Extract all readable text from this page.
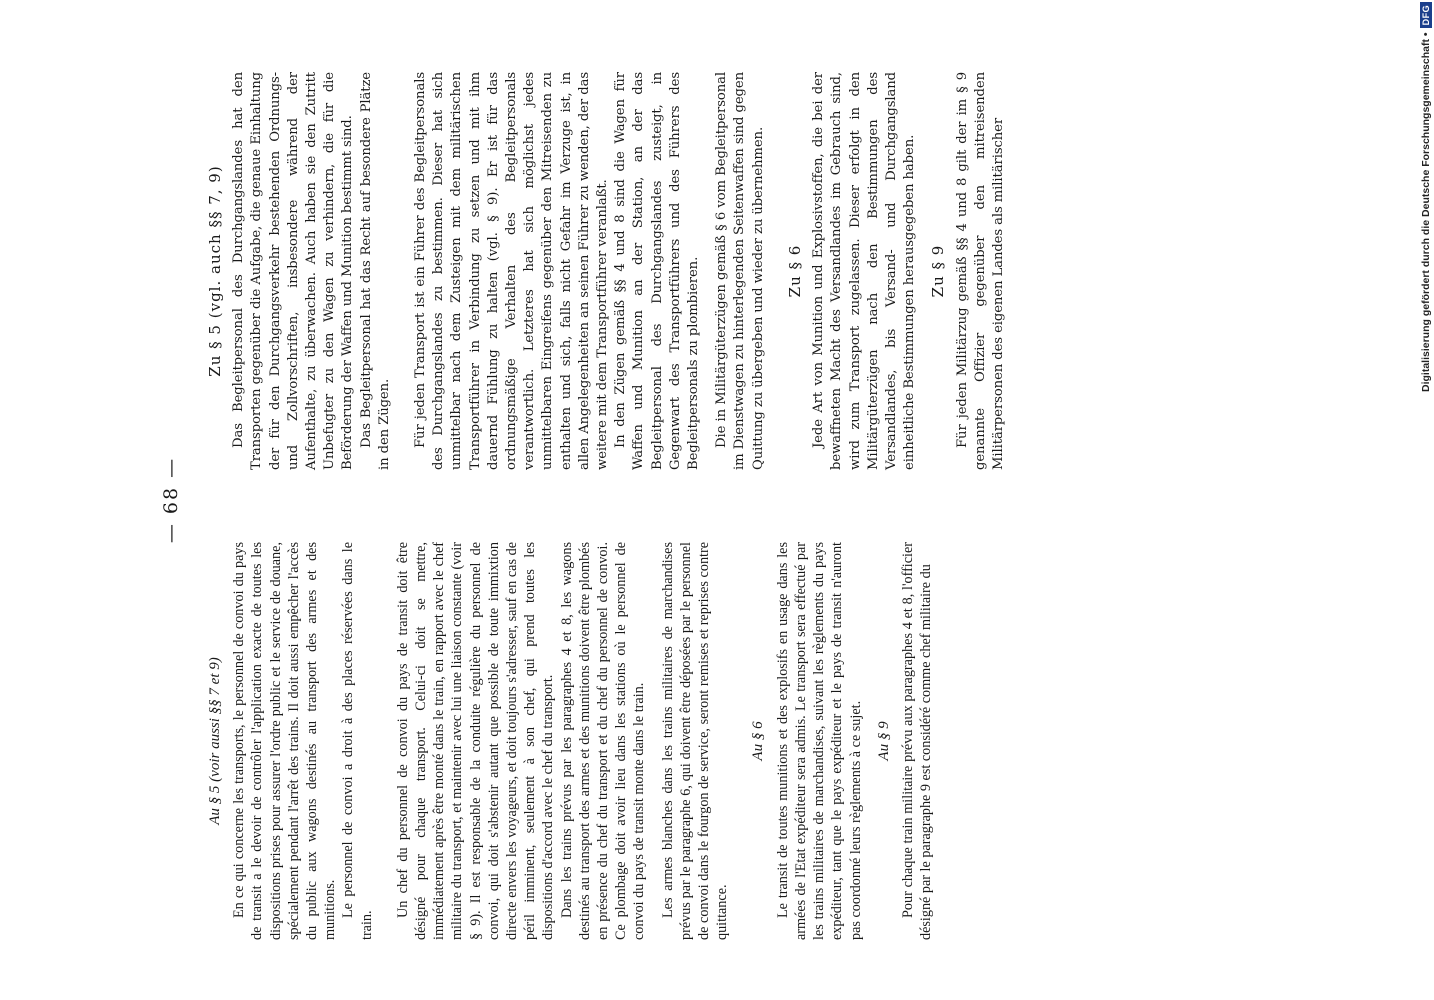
— 68 —
Au § 5 (voir aussi §§ 7 et 9) En ce qui concerne les transports, le personnel de convoi du pays de transit a le devoir de contrôler l'application exacte de toutes les dispositions prises pour assurer l'ordre public et le service de douane, spécialement pendant l'arrêt des trains. Il doit aussi empêcher l'accès du public aux wagons destinés au transport des armes et des munitions. Le personnel de convoi a droit à des places réservées dans le train.

Un chef du personnel de convoi du pays de transit doit être désigné pour chaque transport. Celui-ci doit se mettre, immédiatement après être monté dans le train, en rapport avec le chef militaire du transport, et maintenir avec lui une liaison constante (voir § 9). Il est responsable de la conduite régulière du personnel de convoi, qui doit s'abstenir autant que possible de toute immixtion directe envers les voyageurs, et doit toujours s'adresser, sauf en cas de péril imminent, seulement à son chef, qui prend toutes les dispositions d'accord avec le chef du transport. Dans les trains prévus par les paragraphes 4 et 8, les wagons destinés au transport des armes et des munitions doivent être plombés en présence du chef du transport et du chef du personnel de convoi. Ce plombage doit avoir lieu dans les stations où le personnel de convoi du pays de transit monte dans le train. Les armes blanches dans les trains militaires de marchandises prévus par le paragraphe 6, qui doivent être déposées par le personnel de convoi dans le fourgon de service, seront remises et reprises contre quittance.

Au § 6 Le transit de toutes munitions et des explosifs en usage dans les armées de l'Etat expéditeur sera admis. Le transport sera effectué par les trains militaires de marchandises, suivant les règlements du pays expéditeur, tant que le pays expéditeur et le pays de transit n'auront pas coordonné leurs règlements à ce sujet. Au § 9 Pour chaque train militaire prévu aux paragraphes 4 et 8, l'officier désigné par le paragraphe 9 est considéré comme chef militaire du

Zu § 5 (vgl. auch §§ 7, 9) Das Begleitpersonal des Durchgangslandes hat den Transporten gegenüber die Aufgabe, die genaue Einhaltung der für den Durchgangsverkehr bestehenden Ordnungs- und Zollvorschriften, insbesondere während der Aufenthalte, zu überwachen. Auch haben sie den Zutritt Unbefugter zu den Wagen zu verhindern, die für die Beförderung der Waffen und Munition bestimmt sind. Das Begleitpersonal hat das Recht auf besondere Plätze in den Zügen. Für jeden Transport ist ein Führer des Begleitpersonals des Durchgangslandes zu bestimmen. Dieser hat sich unmittelbar nach dem Zusteigen mit dem militärischen Transportführer in Verbindung zu setzen und mit ihm dauernd Fühlung zu halten (vgl. § 9). Er ist für das ordnungsmäßige Verhalten des Begleitpersonals verantwortlich. Letzteres hat sich möglichst jedes unmittelbaren Eingreifens gegenüber den Mitreisenden zu enthalten und sich, falls nicht Gefahr im Verzuge ist, in allen Angelegenheiten an seinen Führer zu wenden, der das weitere mit dem Transportführer veranlaßt. In den Zügen gemäß §§ 4 und 8 sind die Wagen für Waffen und Munition an der Station, an der das Begleitpersonal des Durchgangslandes zusteigt, in Gegenwart des Transportführers und des Führers des Begleitpersonals zu plombieren. Die in Militärgüterzügen gemäß § 6 vom Begleitpersonal im Dienstwagen zu hinterlegenden Seitenwaffen sind gegen Quittung zu übergeben und wieder zu übernehmen. Zu § 6 Jede Art von Munition und Explosivstoffen, die bei der bewaffneten Macht des Versandlandes im Gebrauch sind, wird zum Transport zugelassen. Dieser erfolgt in den Militärgüterzügen nach den Bestimmungen des Versandlandes, bis Versand- und Durchgangsland einheitliche Bestimmungen herausgegeben haben. Zu § 9 Für jeden Militärzug gemäß §§ 4 und 8 gilt der im § 9 genannte Offizier gegenüber den mitreisenden Militärpersonen des eigenen Landes als militärischer	Digitalisierung gefördert durch die Deutsche Forschungsgemeinschaft •
DFG
